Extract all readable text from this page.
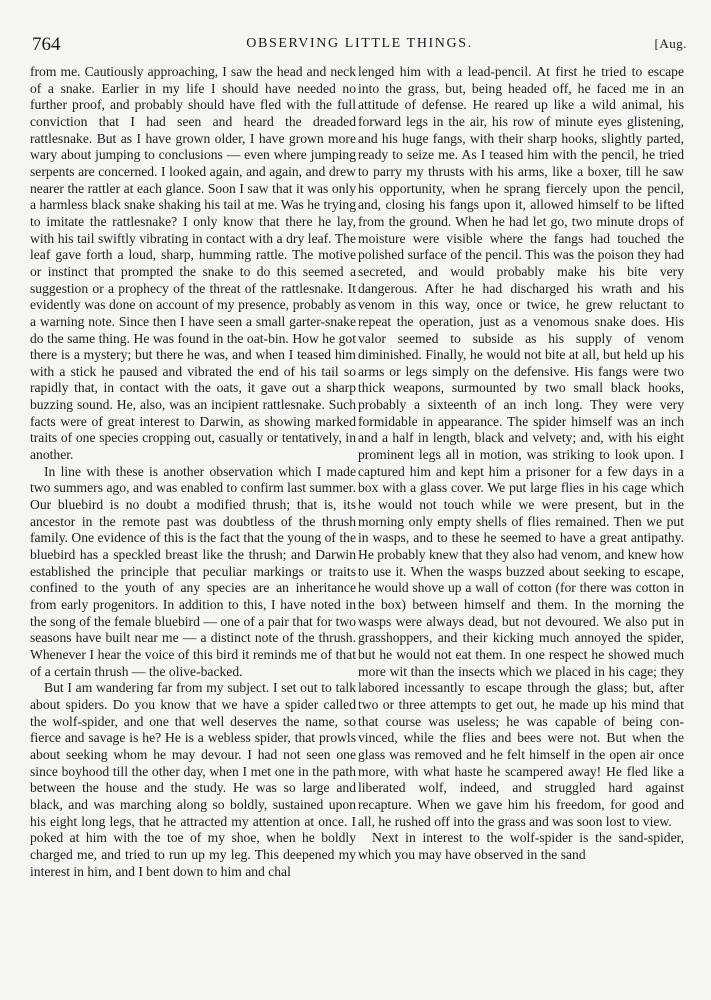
764	OBSERVING LITTLE THINGS.	[Aug.

from me. Cautiously approaching, I saw the head and neck of a snake. Earlier in my life I should have needed no further proof, and probably should have fled with the full conviction that I had seen and heard the dreaded rattlesnake. But as I have grown older, I have grown more wary about jumping to conclusions — even where jumping serpents are concerned. I looked again, and again, and drew nearer the rattler at each glance. Soon I saw that it was only a harmless black snake shaking his tail at me. Was he trying to imitate the rattlesnake? I only know that there he lay, with his tail swiftly vibrating in contact with a dry leaf. The leaf gave forth a loud, sharp, humming rattle. The motive or instinct that prompted the snake to do this seemed a suggestion or a prophecy of the threat of the rattlesnake. It evidently was done on account of my presence, probably as a warning note. Since then I have seen a small garter-snake do the same thing. He was found in the oat-bin. How he got there is a mystery; but there he was, and when I teased him with a stick he paused and vibrated the end of his tail so rapidly that, in contact with the oats, it gave out a sharp buzzing sound. He, also, was an incipient rattlesnake. Such facts were of great interest to Darwin, as showing marked traits of one species cropping out, casually or tentatively, in another.

In line with these is another observation which I made two summers ago, and was enabled to confirm last summer. Our bluebird is no doubt a modified thrush; that is, its ancestor in the remote past was doubtless of the thrush family. One evidence of this is the fact that the young of the bluebird has a speckled breast like the thrush; and Darwin established the principle that peculiar markings or traits confined to the youth of any species are an inheritance from early progenitors. In addition to this, I have noted in the song of the female bluebird — one of a pair that for two seasons have built near me — a distinct note of the thrush. Whenever I hear the voice of this bird it reminds me of that of a certain thrush — the olive-backed.

But I am wandering far from my subject. I set out to talk about spiders. Do you know that we have a spider called the wolf-spider, and one that well deserves the name, so fierce and savage is he? He is a webless spider, that prowls about seeking whom he may devour. I had not seen one since boyhood till the other day, when I met one in the path between the house and the study. He was so large and black, and was marching along so boldly, sustained upon his eight long legs, that he attracted my attention at once. I poked at him with the toe of my shoe, when he boldly charged me, and tried to run up my leg. This deepened my interest in him, and I bent down to him and chal

lenged him with a lead-pencil. At first he tried to escape into the grass, but, being headed off, he faced me in an attitude of defense. He reared up like a wild animal, his forward legs in the air, his row of minute eyes glistening, and his huge fangs, with their sharp hooks, slightly parted, ready to seize me. As I teased him with the pencil, he tried to parry my thrusts with his arms, like a boxer, till he saw his opportunity, when he sprang fiercely upon the pencil, and, closing his fangs upon it, allowed himself to be lifted from the ground. When he had let go, two minute drops of moisture were visible where the fangs had touched the polished surface of the pencil. This was the poison they had secreted, and would probably make his bite very dangerous. After he had discharged his wrath and his venom in this way, once or twice, he grew reluctant to repeat the operation, just as a venomous snake does. His valor seemed to subside as his supply of venom diminished. Finally, he would not bite at all, but held up his arms or legs simply on the defensive. His fangs were two thick weapons, surmounted by two small black hooks, probably a sixteenth of an inch long. They were very formidable in appearance. The spider himself was an inch and a half in length, black and velvety; and, with his eight prominent legs all in motion, was striking to look upon. I captured him and kept him a prisoner for a few days in a box with a glass cover. We put large flies in his cage which he would not touch while we were present, but in the morning only empty shells of flies remained. Then we put in wasps, and to these he seemed to have a great antipathy. He probably knew that they also had venom, and knew how to use it. When the wasps buzzed about seeking to escape, he would shove up a wall of cotton (for there was cotton in the box) between himself and them. In the morning the wasps were always dead, but not devoured. We also put in grasshoppers, and their kicking much annoyed the spider, but he would not eat them. In one respect he showed much more wit than the insects which we placed in his cage; they labored incessantly to escape through the glass; but, after two or three attempts to get out, he made up his mind that that course was useless; he was capable of being convinced, while the flies and bees were not. But when the glass was removed and he felt himself in the open air once more, with what haste he scampered away! He fled like a liberated wolf, indeed, and struggled hard against recapture. When we gave him his freedom, for good and all, he rushed off into the grass and was soon lost to view.

Next in interest to the wolf-spider is the sand-spider, which you may have observed in the sand
